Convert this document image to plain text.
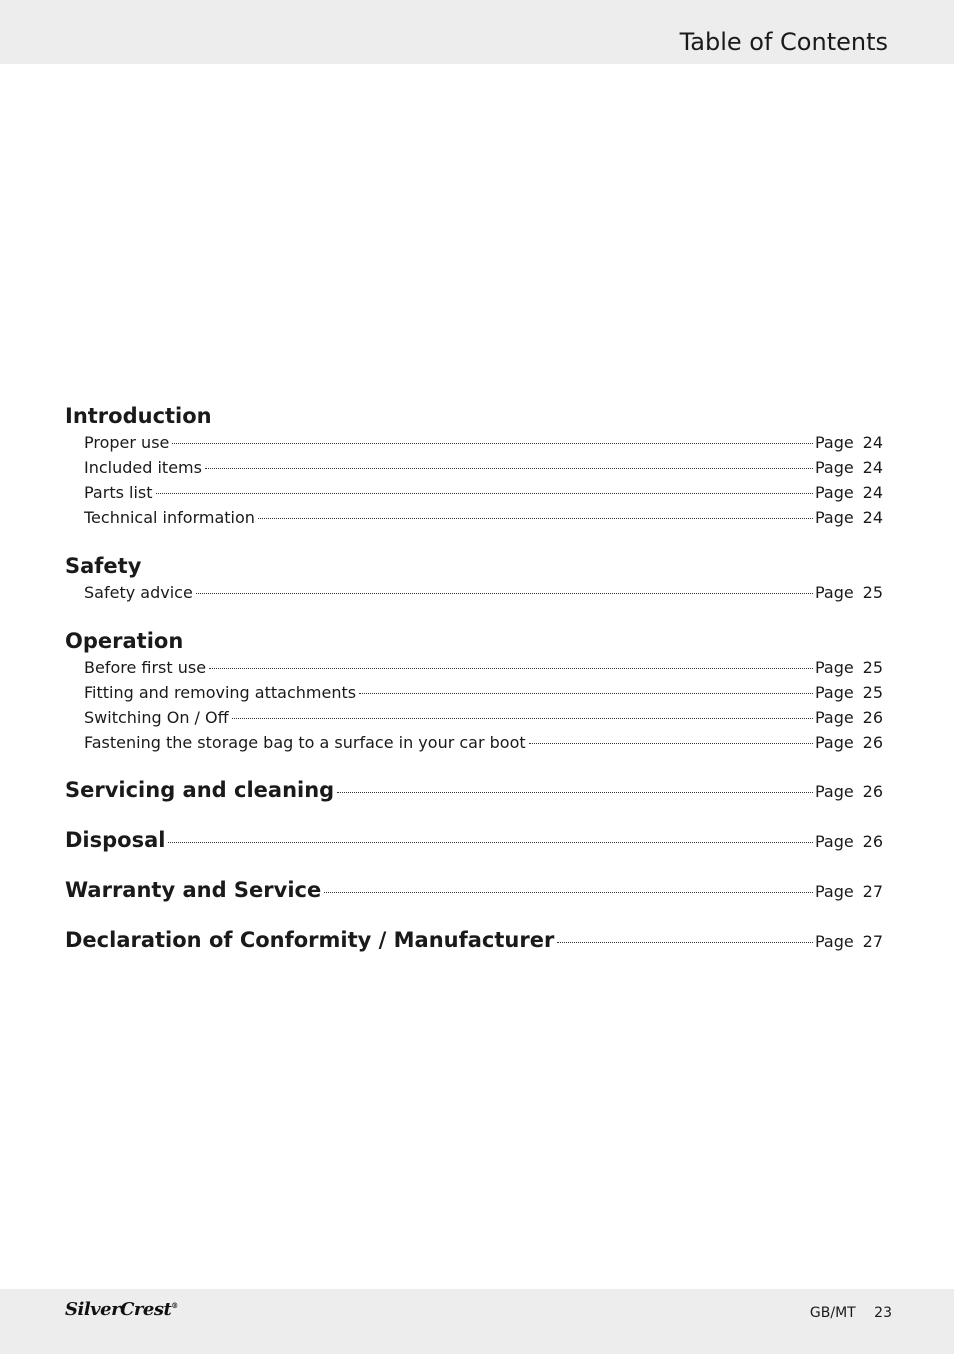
Table of Contents
Introduction
Proper use	Page 24
Included items	Page 24
Parts list	Page 24
Technical information	Page 24
Safety
Safety advice	Page 25
Operation
Before first use	Page 25
Fitting and removing attachments	Page 25
Switching On / Off	Page 26
Fastening the storage bag to a surface in your car boot	Page 26
Servicing and cleaning	Page 26
Disposal	Page 26
Warranty and Service	Page 27
Declaration of Conformity / Manufacturer	Page 27
SilverCrest®	GB/MT 23
